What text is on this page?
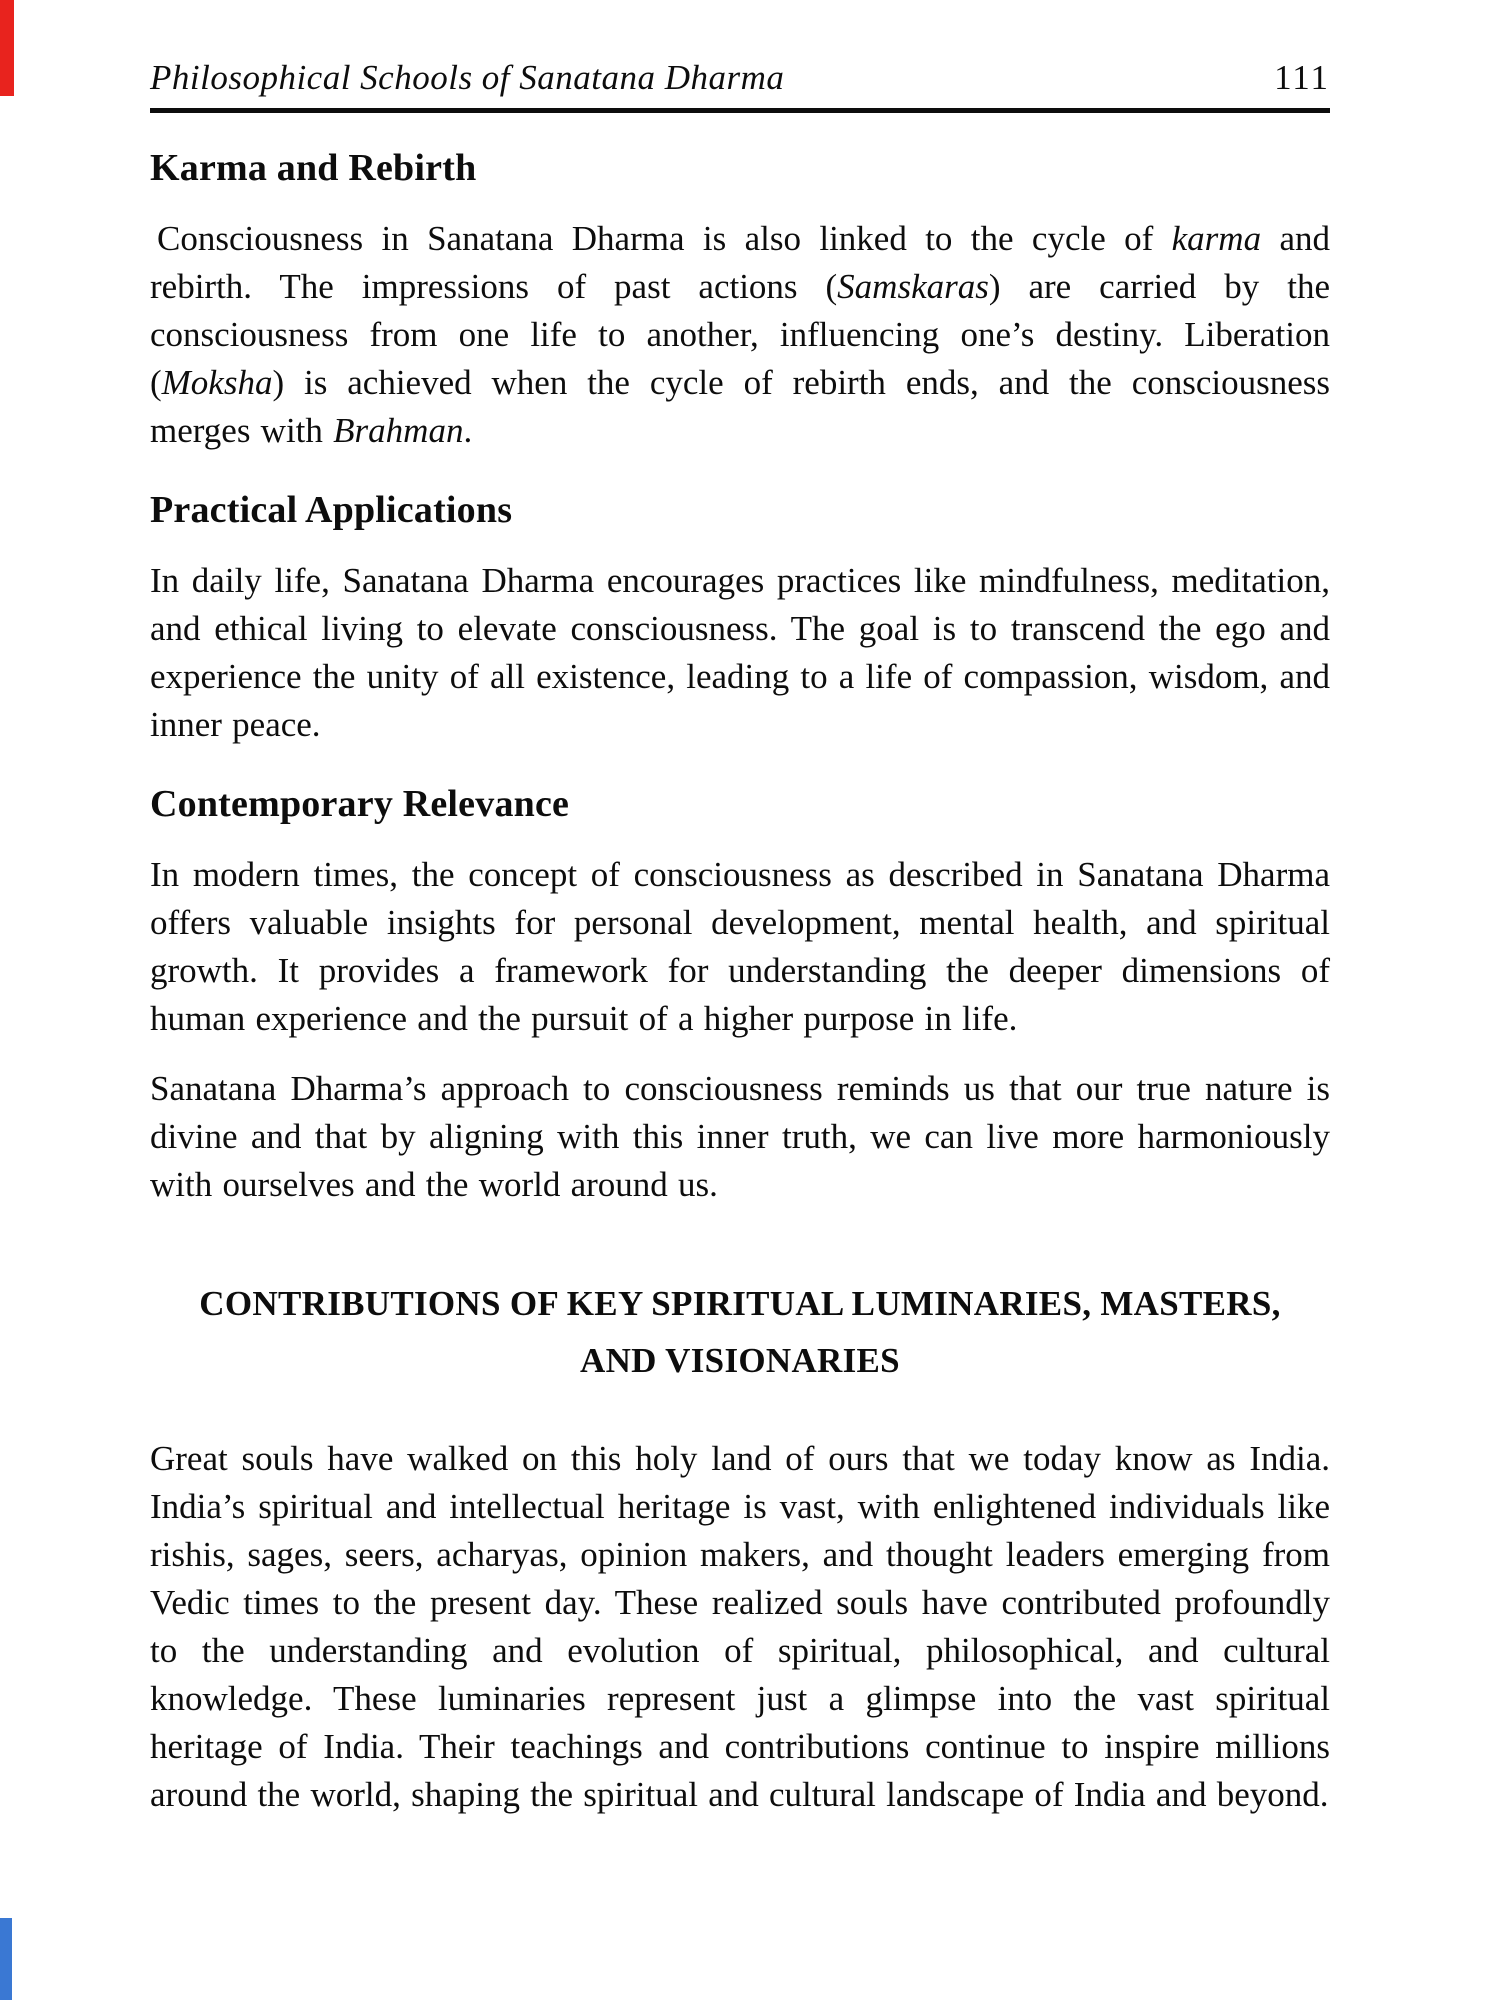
Philosophical Schools of Sanatana Dharma	111
Karma and Rebirth

Consciousness in Sanatana Dharma is also linked to the cycle of karma and rebirth. The impressions of past actions (Samskaras) are carried by the consciousness from one life to another, influencing one’s destiny. Liberation (Moksha) is achieved when the cycle of rebirth ends, and the consciousness merges with Brahman.

Practical Applications

In daily life, Sanatana Dharma encourages practices like mindfulness, meditation, and ethical living to elevate consciousness. The goal is to transcend the ego and experience the unity of all existence, leading to a life of compassion, wisdom, and inner peace.

Contemporary Relevance

In modern times, the concept of consciousness as described in Sanatana Dharma offers valuable insights for personal development, mental health, and spiritual growth. It provides a framework for understanding the deeper dimensions of human experience and the pursuit of a higher purpose in life.

Sanatana Dharma’s approach to consciousness reminds us that our true nature is divine and that by aligning with this inner truth, we can live more harmoniously with ourselves and the world around us.

CONTRIBUTIONS OF KEY SPIRITUAL LUMINARIES, MASTERS, AND VISIONARIES

Great souls have walked on this holy land of ours that we today know as India. India’s spiritual and intellectual heritage is vast, with enlightened individuals like rishis, sages, seers, acharyas, opinion makers, and thought leaders emerging from Vedic times to the present day. These realized souls have contributed profoundly to the understanding and evolution of spiritual, philosophical, and cultural knowledge. These luminaries represent just a glimpse into the vast spiritual heritage of India. Their teachings and contributions continue to inspire millions around the world, shaping the spiritual and cultural landscape of India and beyond.
